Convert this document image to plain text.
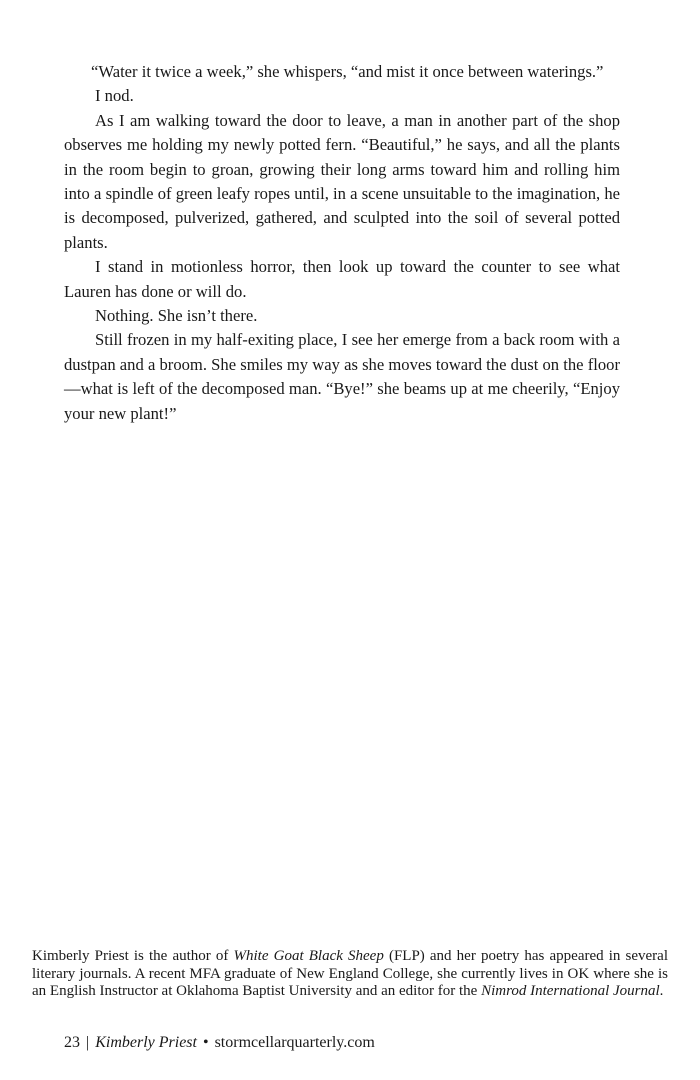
“Water it twice a week,” she whispers, “and mist it once between waterings.”

I nod.

As I am walking toward the door to leave, a man in another part of the shop observes me holding my newly potted fern. “Beautiful,” he says, and all the plants in the room begin to groan, growing their long arms toward him and rolling him into a spindle of green leafy ropes until, in a scene unsuitable to the imagination, he is decomposed, pulverized, gathered, and sculpted into the soil of several potted plants.

I stand in motionless horror, then look up toward the counter to see what Lauren has done or will do.

Nothing. She isn’t there.

Still frozen in my half-exiting place, I see her emerge from a back room with a dustpan and a broom. She smiles my way as she moves toward the dust on the floor—what is left of the decomposed man. “Bye!” she beams up at me cheerily, “Enjoy your new plant!”

Kimberly Priest is the author of White Goat Black Sheep (FLP) and her poetry has appeared in several literary journals. A recent MFA graduate of New England College, she currently lives in OK where she is an English Instructor at Oklahoma Baptist University and an editor for the Nimrod International Journal.
23 | Kimberly Priest • stormcellarquarterly.com
